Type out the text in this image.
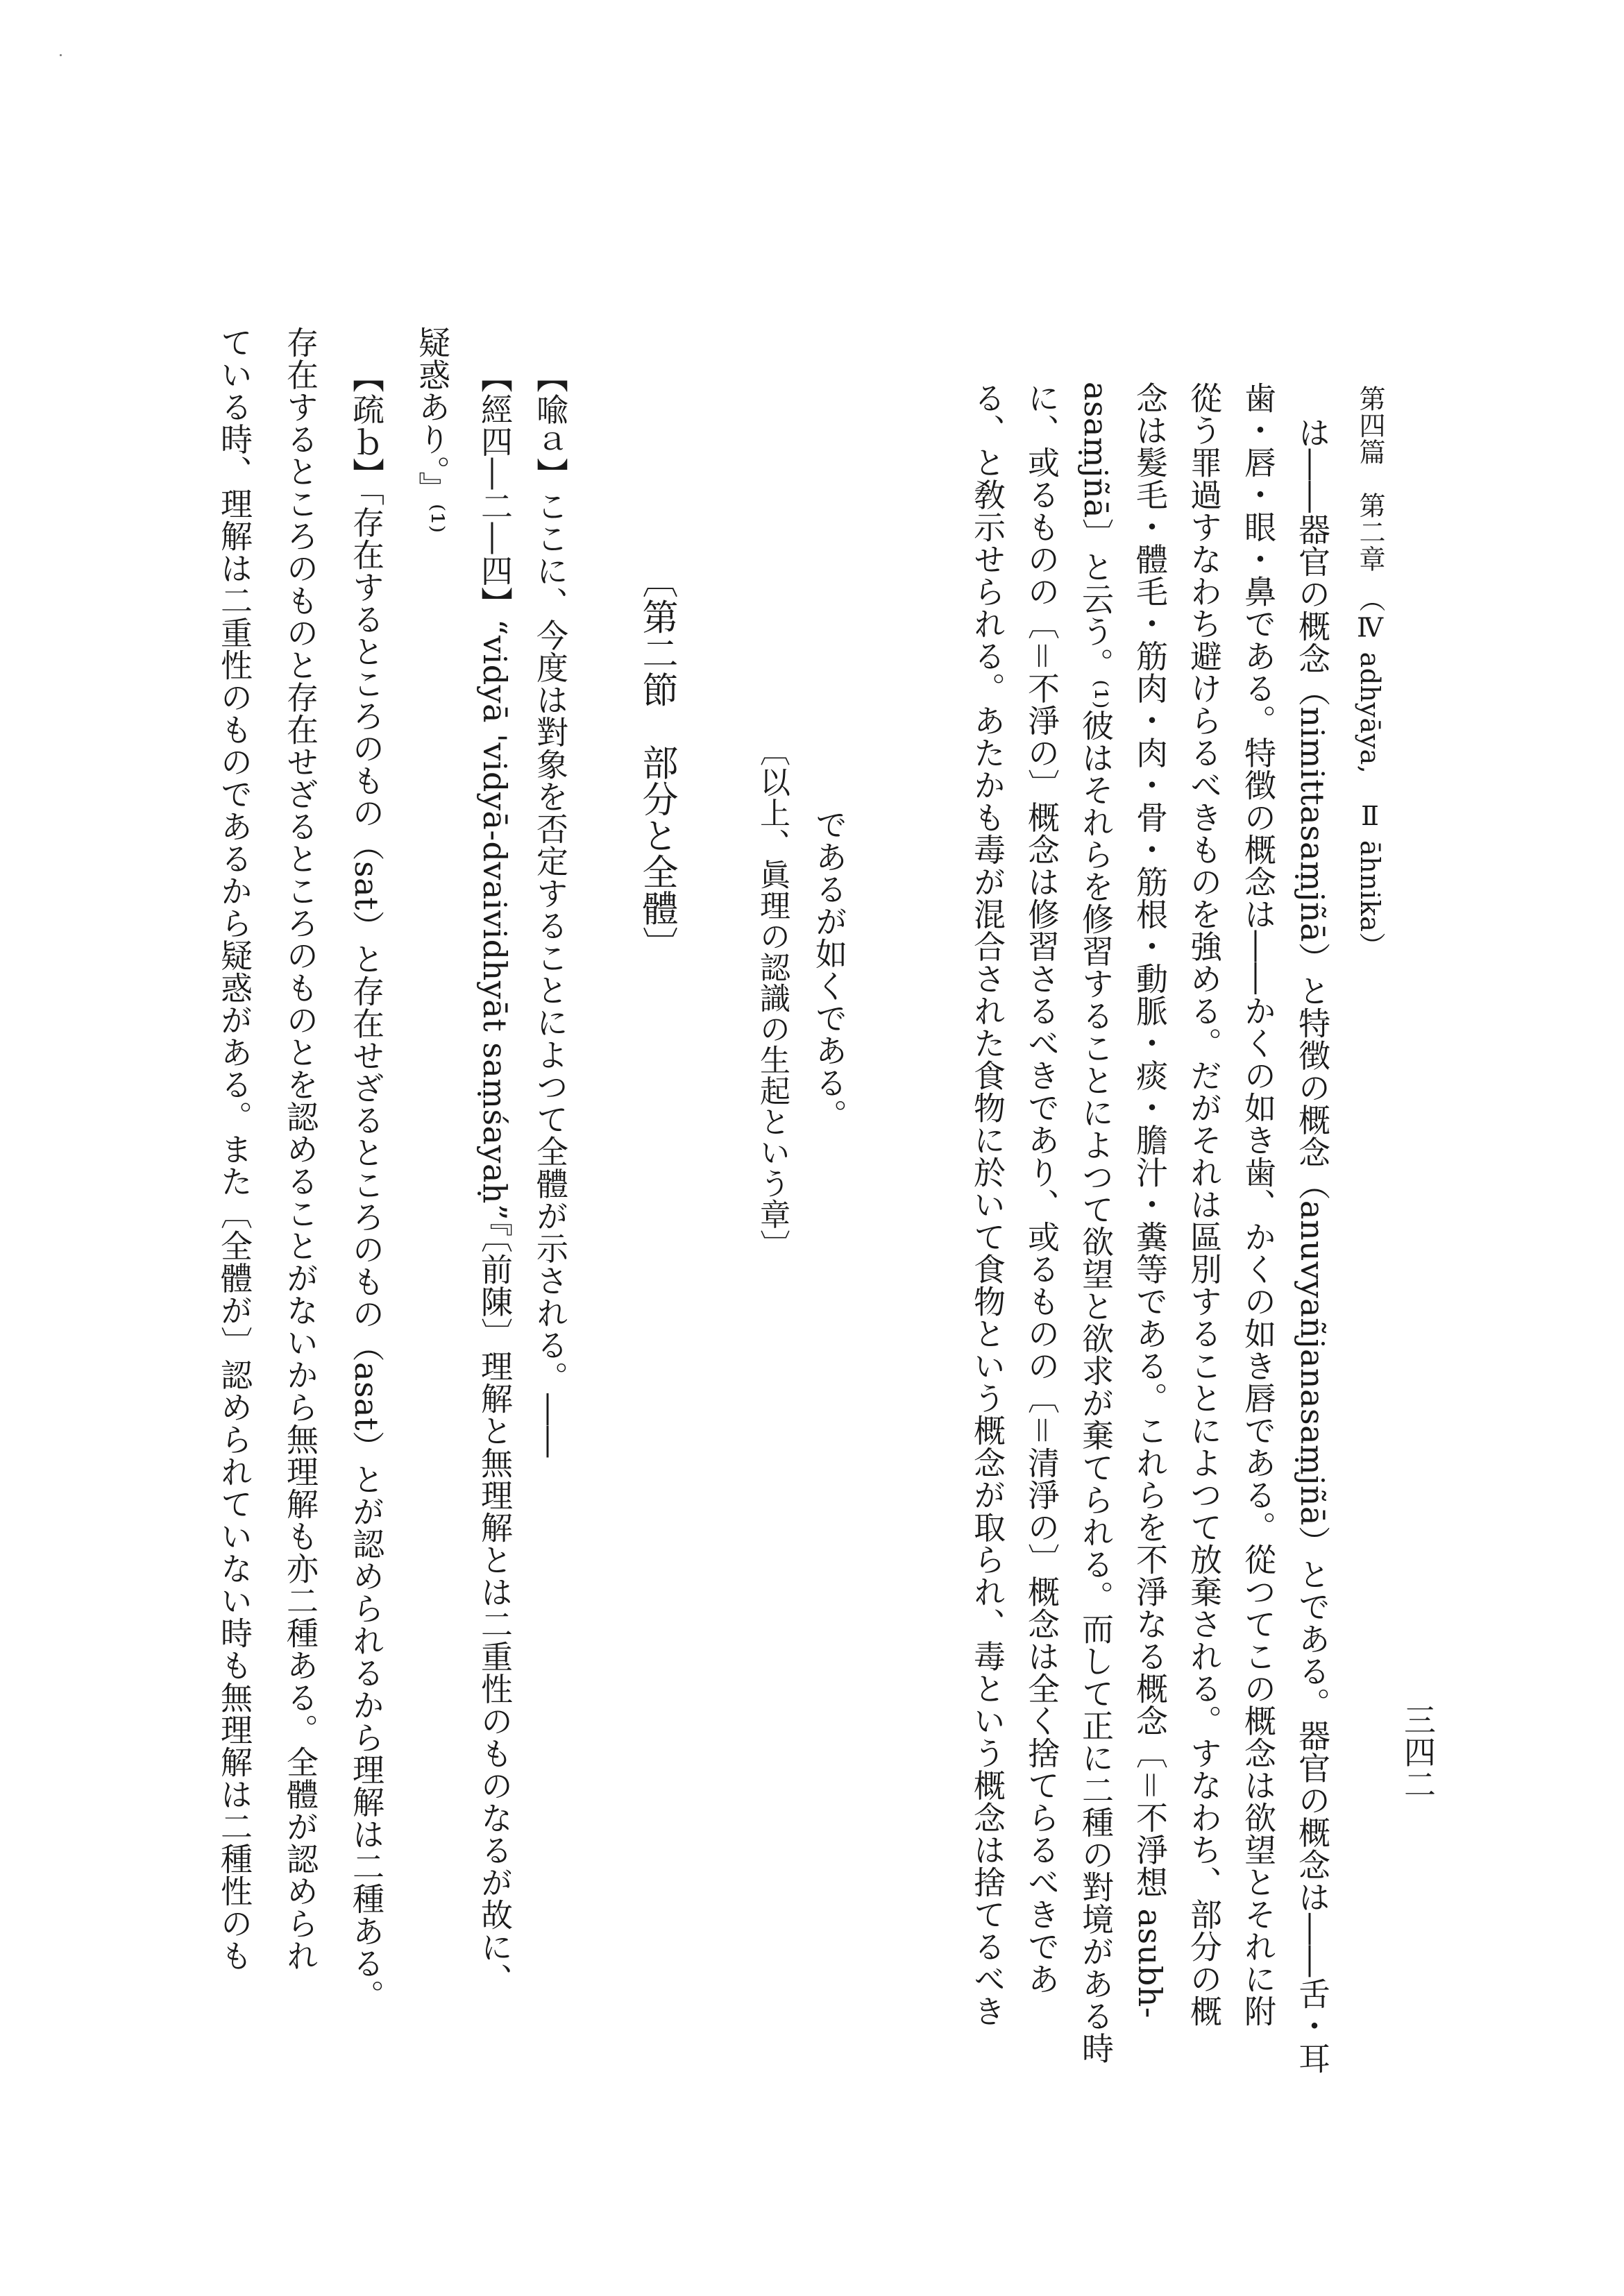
第四篇　第二章　（Ⅳ adhyāya,　Ⅱ āhnika）
三四二
は――器官の概念（nimittasaṃjñā）と特徴の概念（anuvyañjanasaṃjñā）とである。器官の概念は――舌・耳
歯・唇・眼・鼻である。特徴の概念は――かくの如き歯、かくの如き唇である。從つてこの概念は欲望とそれに附
從う罪過すなわち避けらるべきものを強める。だがそれは區別することによつて放棄される。すなわち、部分の概
念は髮毛・體毛・筋肉・肉・骨・筋根・動脈・痰・膽汁・糞等である。これらを不淨なる概念〔＝不淨想 asubh-
asaṃjñā〕と云う。⁽¹⁾彼はそれらを修習することによつて欲望と欲求が棄てられる。而して正に二種の對境がある時
に、或るものの〔＝不淨の〕概念は修習さるべきであり、或るものの〔＝清淨の〕概念は全く捨てらるべきであ
る、と敎示せられる。あたかも毒が混合された食物に於いて食物という概念が取られ、毒という概念は捨てるべき
であるが如くである。
〔以上、眞理の認識の生起という章〕
〔第二節　部分と全體〕
【喩ａ】ここに、今度は對象を否定することによつて全體が示される。――
【經四―二―四】“vidyā 'vidyā-dvaividhyāt saṃśayaḥ”『〔前陳〕理解と無理解とは二重性のものなるが故に、
疑惑あり。』⁽¹⁾
【疏ｂ】「存在するところのもの（sat）と存在せざるところのもの（asat）とが認められるから理解は二種ある。
存在するところのものと存在せざるところのものとを認めることがないから無理解も亦二種ある。全體が認められ
ている時、理解は二重性のものであるから疑惑がある。また〔全體が〕認められていない時も無理解は二種性のも
